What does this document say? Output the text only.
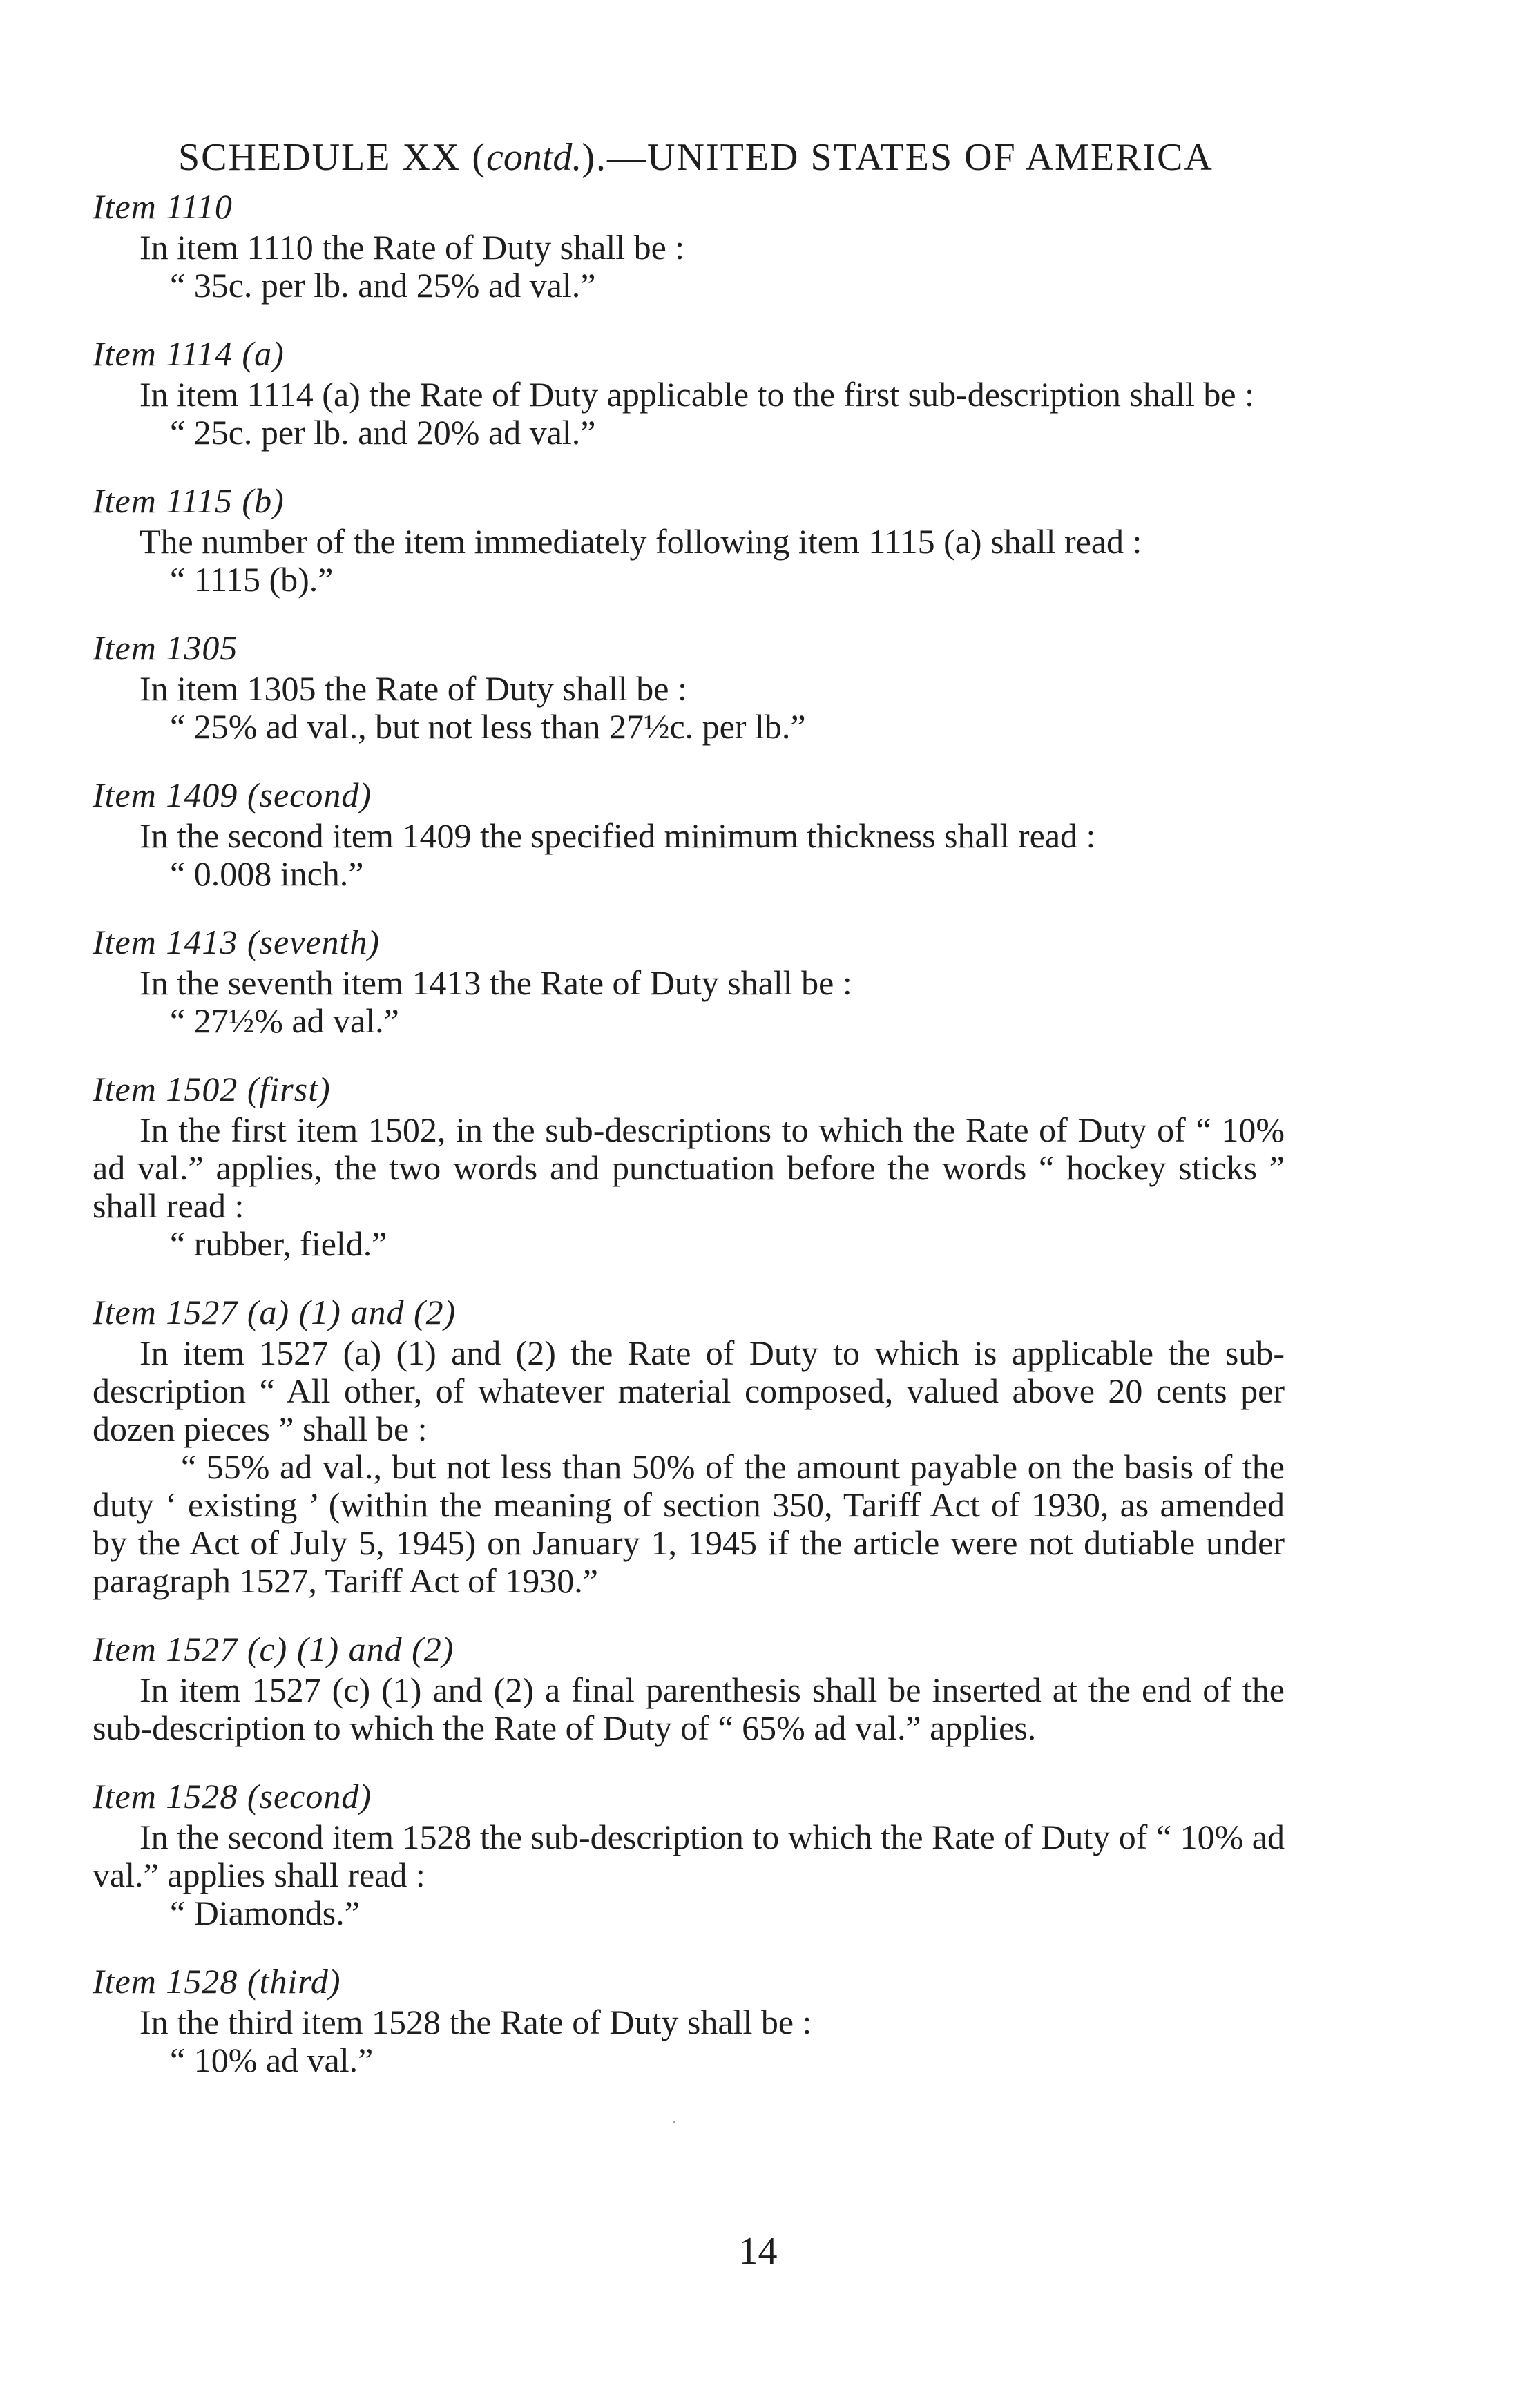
SCHEDULE XX (contd.).—UNITED STATES OF AMERICA
Item 1110
In item 1110 the Rate of Duty shall be :
“ 35c. per lb. and 25% ad val.”
Item 1114 (a)
In item 1114 (a) the Rate of Duty applicable to the first sub-description shall be :
“ 25c. per lb. and 20% ad val.”
Item 1115 (b)
The number of the item immediately following item 1115 (a) shall read :
“ 1115 (b).”
Item 1305
In item 1305 the Rate of Duty shall be :
“ 25% ad val., but not less than 27½c. per lb.”
Item 1409 (second)
In the second item 1409 the specified minimum thickness shall read :
“ 0.008 inch.”
Item 1413 (seventh)
In the seventh item 1413 the Rate of Duty shall be :
“ 27½% ad val.”
Item 1502 (first)
In the first item 1502, in the sub-descriptions to which the Rate of Duty of “ 10% ad val.” applies, the two words and punctuation before the words “ hockey sticks ” shall read :
“ rubber, field.”
Item 1527 (a) (1) and (2)
In item 1527 (a) (1) and (2) the Rate of Duty to which is applicable the sub-description “ All other, of whatever material composed, valued above 20 cents per dozen pieces ” shall be :
“ 55% ad val., but not less than 50% of the amount payable on the basis of the duty ‘ existing ’ (within the meaning of section 350, Tariff Act of 1930, as amended by the Act of July 5, 1945) on January 1, 1945 if the article were not dutiable under paragraph 1527, Tariff Act of 1930.”
Item 1527 (c) (1) and (2)
In item 1527 (c) (1) and (2) a final parenthesis shall be inserted at the end of the sub-description to which the Rate of Duty of “ 65% ad val.” applies.
Item 1528 (second)
In the second item 1528 the sub-description to which the Rate of Duty of “ 10% ad val.” applies shall read :
“ Diamonds.”
Item 1528 (third)
In the third item 1528 the Rate of Duty shall be :
“ 10% ad val.”
14
